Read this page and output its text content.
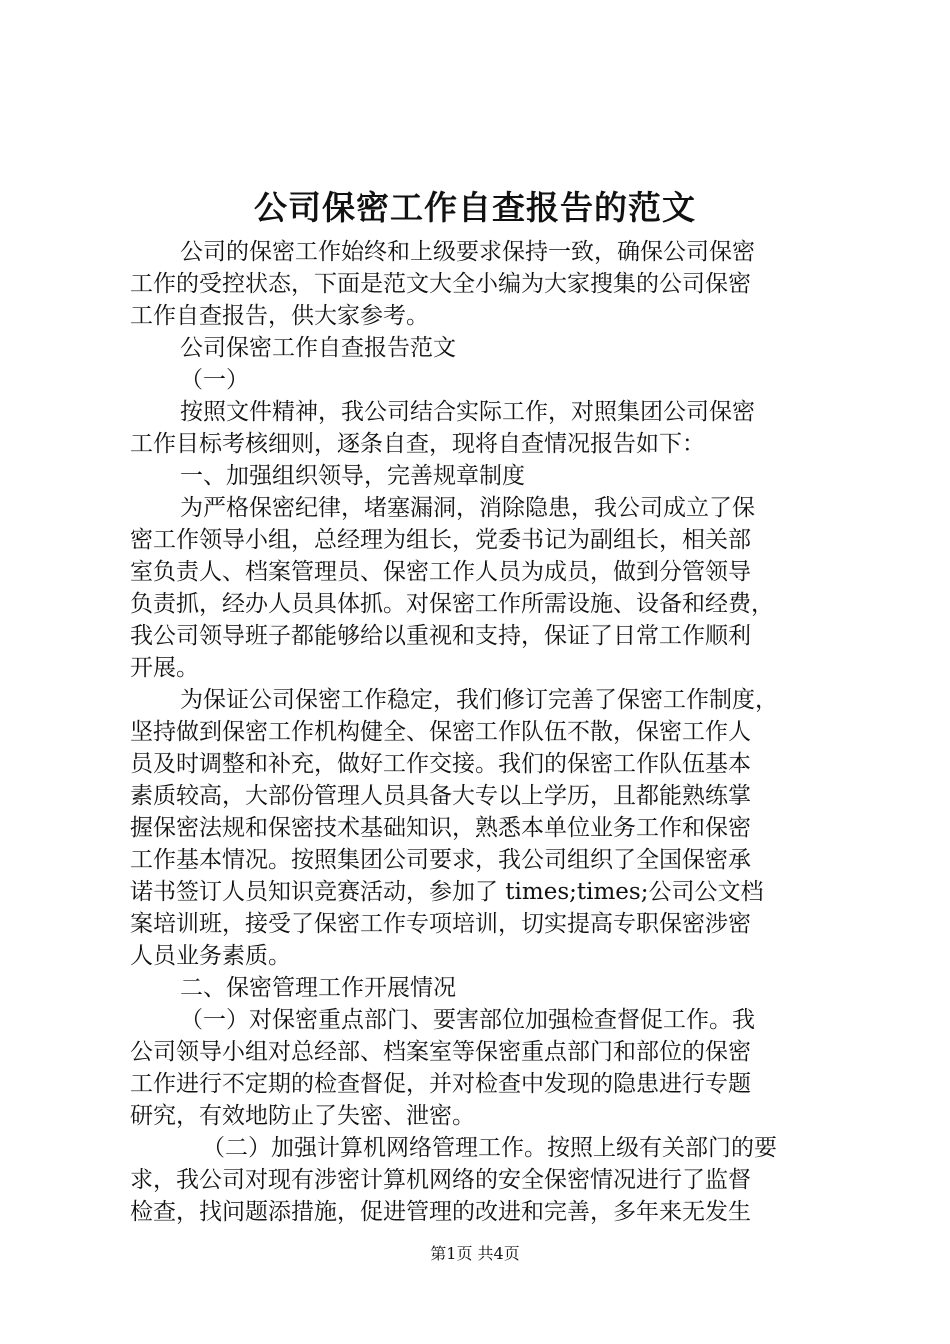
公司保密工作自查报告的范文
公司的保密工作始终和上级要求保持一致，确保公司保密
工作的受控状态，下面是范文大全小编为大家搜集的公司保密
工作自查报告，供大家参考。
公司保密工作自查报告范文
（一）
按照文件精神，我公司结合实际工作，对照集团公司保密
工作目标考核细则，逐条自查，现将自查情况报告如下：
一、加强组织领导，完善规章制度
为严格保密纪律，堵塞漏洞，消除隐患，我公司成立了保
密工作领导小组，总经理为组长，党委书记为副组长，相关部
室负责人、档案管理员、保密工作人员为成员，做到分管领导
负责抓，经办人员具体抓。对保密工作所需设施、设备和经费，
我公司领导班子都能够给以重视和支持，保证了日常工作顺利
开展。
为保证公司保密工作稳定，我们修订完善了保密工作制度，
坚持做到保密工作机构健全、保密工作队伍不散，保密工作人
员及时调整和补充，做好工作交接。我们的保密工作队伍基本
素质较高，大部份管理人员具备大专以上学历，且都能熟练掌
握保密法规和保密技术基础知识，熟悉本单位业务工作和保密
工作基本情况。按照集团公司要求，我公司组织了全国保密承
诺书签订人员知识竞赛活动，参加了 times;times;公司公文档
案培训班，接受了保密工作专项培训，切实提高专职保密涉密
人员业务素质。
二、保密管理工作开展情况
（一）对保密重点部门、要害部位加强检查督促工作。我
公司领导小组对总经部、档案室等保密重点部门和部位的保密
工作进行不定期的检查督促，并对检查中发现的隐患进行专题
研究，有效地防止了失密、泄密。
（二）加强计算机网络管理工作。按照上级有关部门的要
求，我公司对现有涉密计算机网络的安全保密情况进行了监督
检查，找问题添措施，促进管理的改进和完善，多年来无发生
第1页 共4页
